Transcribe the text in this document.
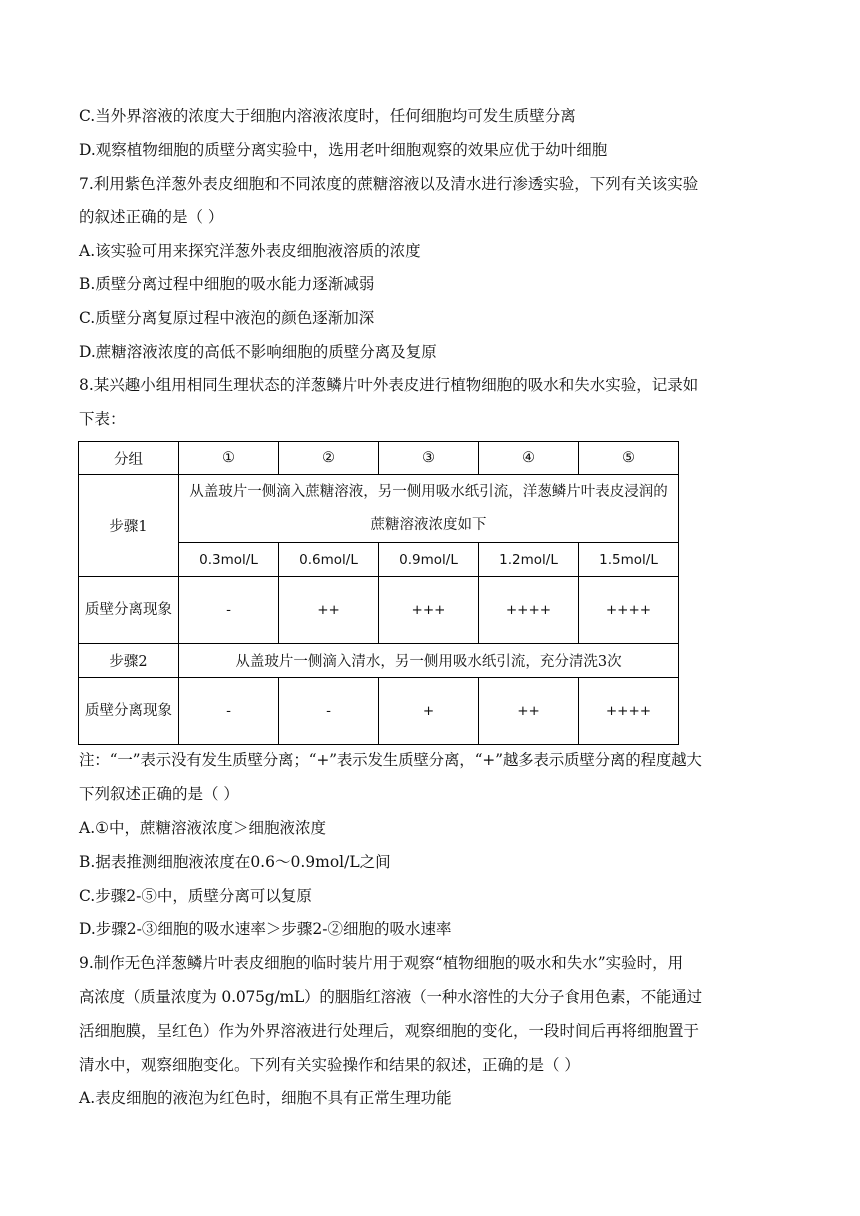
C.当外界溶液的浓度大于细胞内溶液浓度时，任何细胞均可发生质壁分离
D.观察植物细胞的质壁分离实验中，选用老叶细胞观察的效果应优于幼叶细胞
7.利用紫色洋葱外表皮细胞和不同浓度的蔗糖溶液以及清水进行渗透实验，下列有关该实验
的叙述正确的是（ ）
A.该实验可用来探究洋葱外表皮细胞液溶质的浓度
B.质壁分离过程中细胞的吸水能力逐渐减弱
C.质壁分离复原过程中液泡的颜色逐渐加深
D.蔗糖溶液浓度的高低不影响细胞的质壁分离及复原
8.某兴趣小组用相同生理状态的洋葱鳞片叶外表皮进行植物细胞的吸水和失水实验，记录如
下表：
分组	①	②	③	④	⑤
步骤1	从盖玻片一侧滴入蔗糖溶液，另一侧用吸水纸引流，洋葱鳞片叶表皮浸润的蔗糖溶液浓度如下				
	0.3mol/L	0.6mol/L	0.9mol/L	1.2mol/L	1.5mol/L
质壁分离现象	-	++	+++	++++	++++
步骤2	从盖玻片一侧滴入清水，另一侧用吸水纸引流，充分清洗3次				
质壁分离现象	-	-	+	++	++++
注：“一”表示没有发生质壁分离；“+”表示发生质壁分离，“+”越多表示质壁分离的程度越大
下列叙述正确的是（ ）
A.①中，蔗糖溶液浓度＞细胞液浓度
B.据表推测细胞液浓度在0.6～0.9mol/L之间
C.步骤2-⑤中，质壁分离可以复原
D.步骤2-③细胞的吸水速率＞步骤2-②细胞的吸水速率
9.制作无色洋葱鳞片叶表皮细胞的临时装片用于观察“植物细胞的吸水和失水”实验时，用
高浓度（质量浓度为 0.075g/mL）的胭脂红溶液（一种水溶性的大分子食用色素，不能通过
活细胞膜，呈红色）作为外界溶液进行处理后，观察细胞的变化，一段时间后再将细胞置于
清水中，观察细胞变化。下列有关实验操作和结果的叙述，正确的是（ ）
A.表皮细胞的液泡为红色时，细胞不具有正常生理功能
